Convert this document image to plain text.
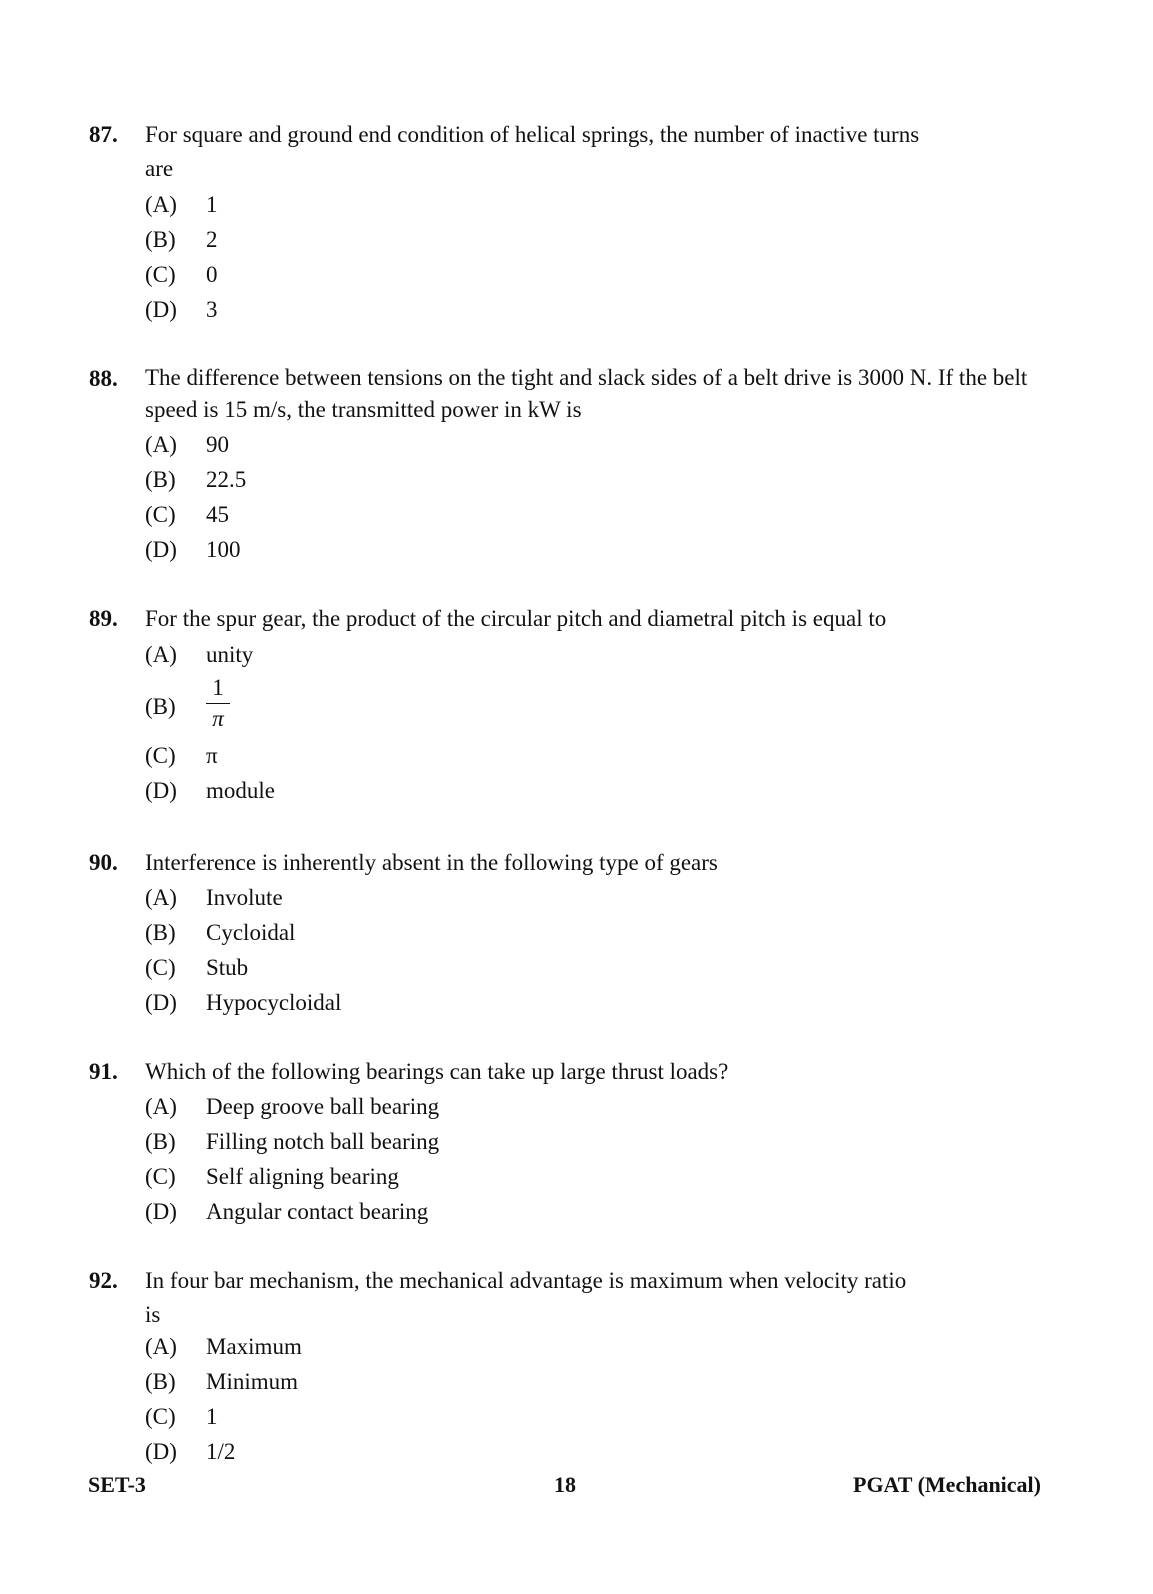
87. For square and ground end condition of helical springs, the number of inactive turns are
(A) 1
(B) 2
(C) 0
(D) 3
88. The difference between tensions on the tight and slack sides of a belt drive is 3000 N. If the belt speed is 15 m/s, the transmitted power in kW is
(A) 90
(B) 22.5
(C) 45
(D) 100
89. For the spur gear, the product of the circular pitch and diametral pitch is equal to
(A) unity
$(B) \frac{1}{\pi}$
(C) π
(D) module
90. Interference is inherently absent in the following type of gears
(A) Involute
(B) Cycloidal
(C) Stub
(D) Hypocycloidal
91. Which of the following bearings can take up large thrust loads?
(A) Deep groove ball bearing
(B) Filling notch ball bearing
(C) Self aligning bearing
(D) Angular contact bearing
92. In four bar mechanism, the mechanical advantage is maximum when velocity ratio is
(A) Maximum
(B) Minimum
(C) 1
(D) 1/2
SET-3	18	PGAT (Mechanical)
